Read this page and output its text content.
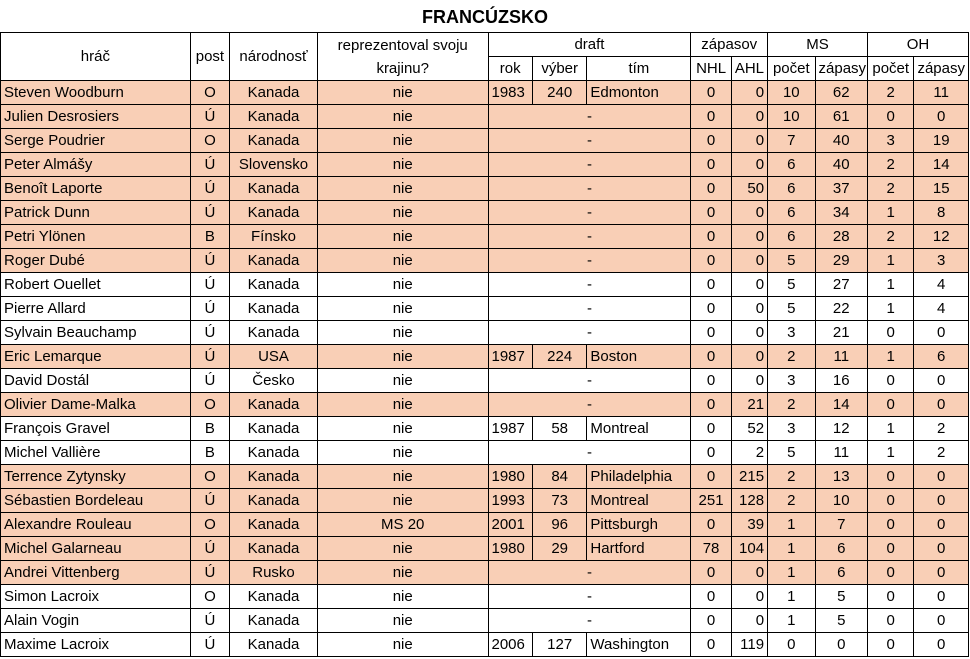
FRANCÚZSKO
hráč	post	národnosť	reprezentoval svoju krajinu?	draft			zápasov		MS		OH	
				rok	výber	tím	NHL	AHL	počet	zápasy	počet	zápasy
Steven Woodburn	O	Kanada	nie	1983	240	Edmonton	0	0	10	62	2	11
Julien Desrosiers	Ú	Kanada	nie	-			0	0	10	61	0	0
Serge Poudrier	O	Kanada	nie	-			0	0	7	40	3	19
Peter Almášy	Ú	Slovensko	nie	-			0	0	6	40	2	14
Benoît Laporte	Ú	Kanada	nie	-			0	50	6	37	2	15
Patrick Dunn	Ú	Kanada	nie	-			0	0	6	34	1	8
Petri Ylönen	B	Fínsko	nie	-			0	0	6	28	2	12
Roger Dubé	Ú	Kanada	nie	-			0	0	5	29	1	3
Robert Ouellet	Ú	Kanada	nie	-			0	0	5	27	1	4
Pierre Allard	Ú	Kanada	nie	-			0	0	5	22	1	4
Sylvain Beauchamp	Ú	Kanada	nie	-			0	0	3	21	0	0
Eric Lemarque	Ú	USA	nie	1987	224	Boston	0	0	2	11	1	6
David Dostál	Ú	Česko	nie	-			0	0	3	16	0	0
Olivier Dame-Malka	O	Kanada	nie	-			0	21	2	14	0	0
François Gravel	B	Kanada	nie	1987	58	Montreal	0	52	3	12	1	2
Michel Vallière	B	Kanada	nie	-			0	2	5	11	1	2
Terrence Zytynsky	O	Kanada	nie	1980	84	Philadelphia	0	215	2	13	0	0
Sébastien Bordeleau	Ú	Kanada	nie	1993	73	Montreal	251	128	2	10	0	0
Alexandre Rouleau	O	Kanada	MS 20	2001	96	Pittsburgh	0	39	1	7	0	0
Michel Galarneau	Ú	Kanada	nie	1980	29	Hartford	78	104	1	6	0	0
Andrei Vittenberg	Ú	Rusko	nie	-			0	0	1	6	0	0
Simon Lacroix	O	Kanada	nie	-			0	0	1	5	0	0
Alain Vogin	Ú	Kanada	nie	-			0	0	1	5	0	0
Maxime Lacroix	Ú	Kanada	nie	2006	127	Washington	0	119	0	0	0	0
